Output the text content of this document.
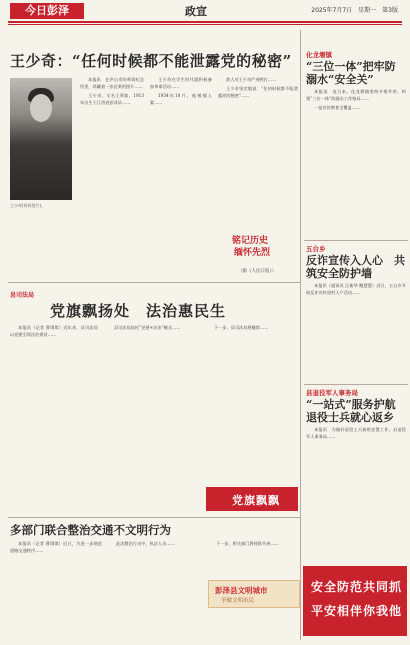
今日彭泽	政宣	2025年7月7日　星期一　第3版
王少奇：“任何时候都不能泄露党的秘密”
王少奇(资料图片)。

本报讯　在庐山市的革命纪念馆里，珍藏着一张泛黄的照片……

王少奇，又名王慕如，1913年出生于江西省彭泽县……

王少奇在学生时代就积极参加革命活动……

1934年10月，他被捕入狱……

敌人对王少奇严刑拷打……

王少奇坚定地说：“任何时候都不能泄露党的秘密”……

铭记历史
缅怀先烈
（据《人民日报》）
县司法局
党旗飘扬处　法治惠民生

本报讯（记者 曹琪琪）近年来，县司法局以党建引领法治建设……

县司法局依托“党建+法治”模式……	下一步，县司法局将继续……

党旗飘飘
多部门联合整治交通不文明行为

本报讯（记者 曹琪琪）近日，为进一步规范道路交通秩序……

此次整治行动中，执法人员……	下一步，相关部门将持续开展……

彭泽县文明城市
争做文明市民
化龙堰镇
“三位一体”把牢防溺水“安全关”

本报讯　连日来，化龙堰镇坚持多措并举，构建“三位一体”防溺水工作格局……

一是宣传教育全覆盖……

五台乡
反诈宣传入人心　共筑安全防护墙

本报讯（通讯员 汪新华 鲍慧慧）近日，五台乡开展反诈宣传进村入户活动……

县退役军人事务局
“一站式”服务护航退役士兵就心返乡

本报讯　为做好退役士兵接收安置工作，县退役军人事务局……

安全防范共同抓
平安相伴你我他
